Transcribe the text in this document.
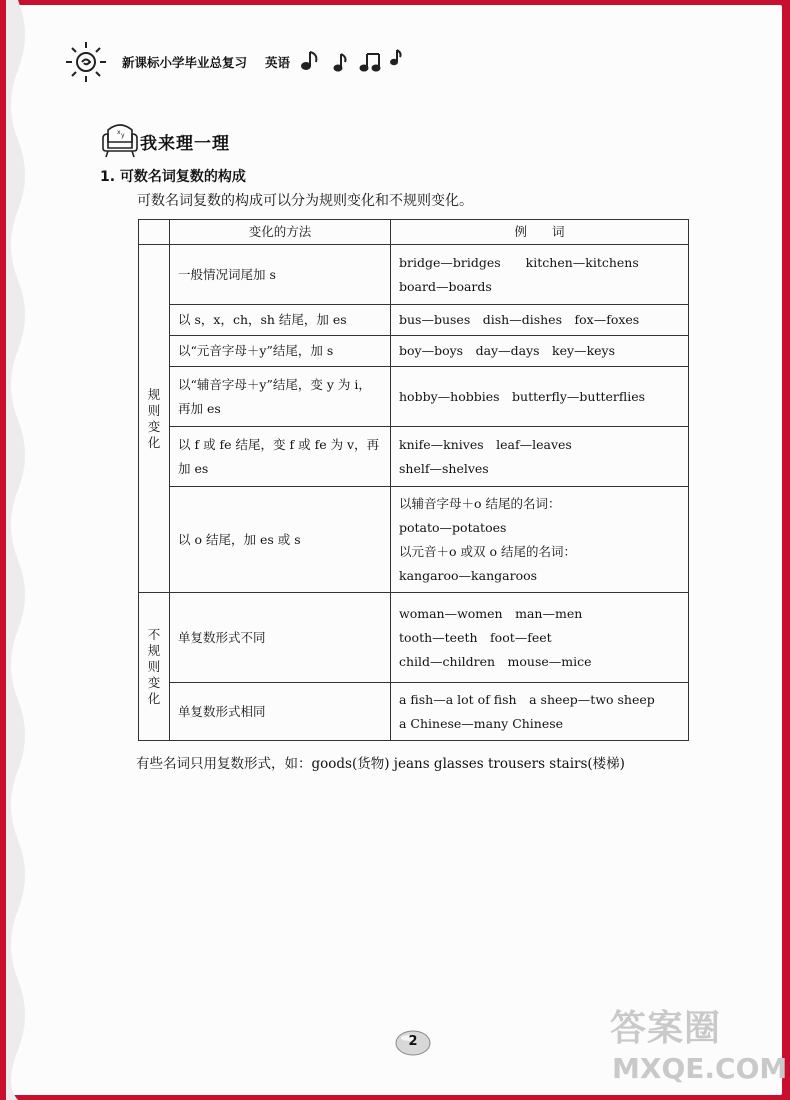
新课标小学毕业总复习 英语
x y 我来理一理
1. 可数名词复数的构成
可数名词复数的构成可以分为规则变化和不规则变化。
	变化的方法	例　　词

规则变化	一般情况词尾加 s	bridge—bridges　　kitchen—kitchens
board—boards

	以 s，x，ch，sh 结尾，加 es	bus—buses　dish—dishes　fox—foxes

	以“元音字母＋y”结尾，加 s	boy—boys　day—days　key—keys

	以“辅音字母＋y”结尾，变 y 为 i，再加 es	hobby—hobbies　butterfly—butterflies

	以 f 或 fe 结尾，变 f 或 fe 为 v，再加 es	knife—knives　leaf—leaves
shelf—shelves

	以 o 结尾，加 es 或 s	以辅音字母＋o 结尾的名词：
potato—potatoes
以元音＋o 或双 o 结尾的名词：
kangaroo—kangaroos

不规则变化	单复数形式不同	woman—women　man—men
tooth—teeth　foot—feet
child—children　mouse—mice

	单复数形式相同	a fish—a lot of fish　a sheep—two sheep
a Chinese—many Chinese
有些名词只用复数形式，如：goods(货物) jeans glasses trousers stairs(楼梯)
2	答案圈
MXQE.COM
